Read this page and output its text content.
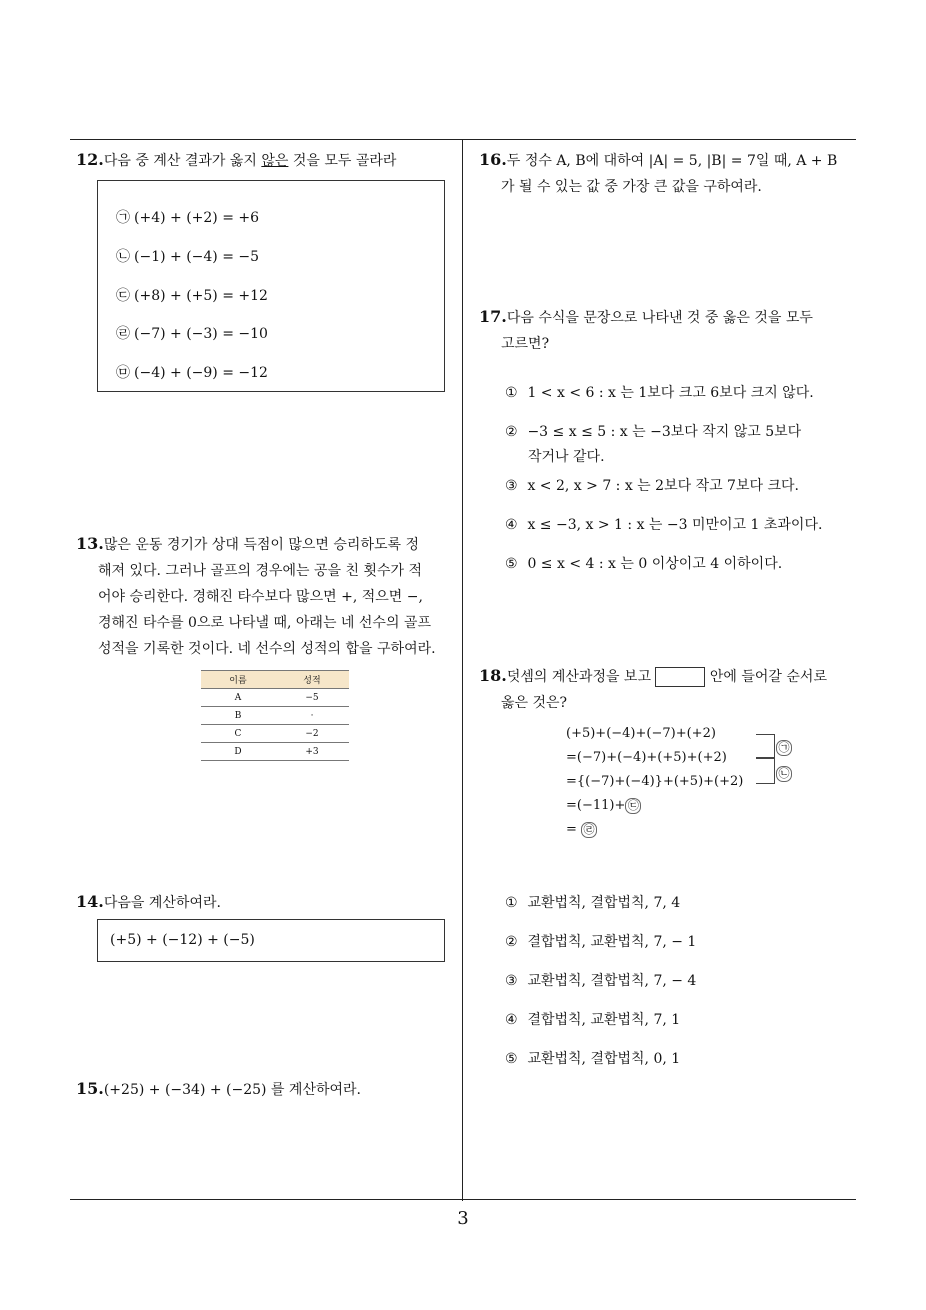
3
12.다음 중 계산 결과가 옳지 않은 것을 모두 골라라
㉠ (+4) + (+2) = +6
㉡ (−1) + (−4) = −5
㉢ (+8) + (+5) = +12
㉣ (−7) + (−3) = −10
㉤ (−4) + (−9) = −12
13.많은 운동 경기가 상대 득점이 많으면 승리하도록 정
해져 있다. 그러나 골프의 경우에는 공을 친 횟수가 적
어야 승리한다. 경해진 타수보다 많으면 +, 적으면 −,
경해진 타수를 0으로 나타낼 때, 아래는 네 선수의 골프
성적을 기록한 것이다. 네 선수의 성적의 합을 구하여라.
이름	성적
A	−5
B	·
C	−2
D	+3
14.다음을 계산하여라.
(+5) + (−12) + (−5)
15.(+25) + (−34) + (−25) 를 계산하여라.
16.두 정수 A, B에 대하여 |A| = 5, |B| = 7일 때, A + B
가 될 수 있는 값 중 가장 큰 값을 구하여라.
17.다음 수식을 문장으로 나타낸 것 중 옳은 것을 모두
고르면?
① 1 < x < 6 : x 는 1보다 크고 6보다 크지 않다.
② −3 ≤ x ≤ 5 : x 는 −3보다 작지 않고 5보다
작거나 같다.
③ x < 2, x > 7 : x 는 2보다 작고 7보다 크다.
④ x ≤ −3, x > 1 : x 는 −3 미만이고 1 초과이다.
⑤ 0 ≤ x < 4 : x 는 0 이상이고 4 이하이다.
18.덧셈의 계산과정을 보고	안에 들어갈 순서로
옳은 것은?
(+5)+(−4)+(−7)+(+2)
=(−7)+(−4)+(+5)+(+2)
={(−7)+(−4)}+(+5)+(+2)
=(−11)+ ㉢
= ㉣
㉠
㉡
① 교환법칙, 결합법칙, 7, 4
② 결합법칙, 교환법칙, 7, − 1
③ 교환법칙, 결합법칙, 7, − 4
④ 결합법칙, 교환법칙, 7, 1
⑤ 교환법칙, 결합법칙, 0, 1
